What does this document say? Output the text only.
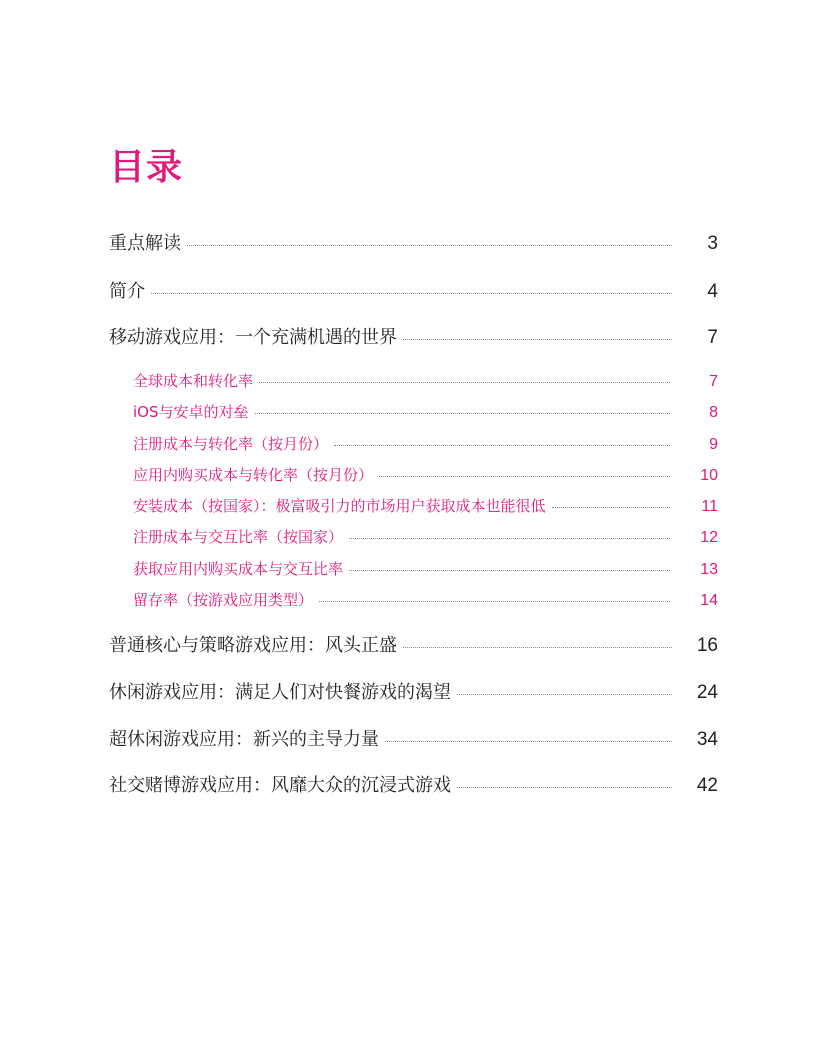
目录
重点解读	3
简介	4
移动游戏应用：一个充满机遇的世界	7
全球成本和转化率	7
iOS与安卓的对垒	8
注册成本与转化率（按月份）	9
应用内购买成本与转化率（按月份）	10
安装成本（按国家）：极富吸引力的市场用户获取成本也能很低	11
注册成本与交互比率（按国家）	12
获取应用内购买成本与交互比率	13
留存率（按游戏应用类型）	14
普通核心与策略游戏应用：风头正盛	16
休闲游戏应用：满足人们对快餐游戏的渴望	24
超休闲游戏应用：新兴的主导力量	34
社交赌博游戏应用：风靡大众的沉浸式游戏	42
